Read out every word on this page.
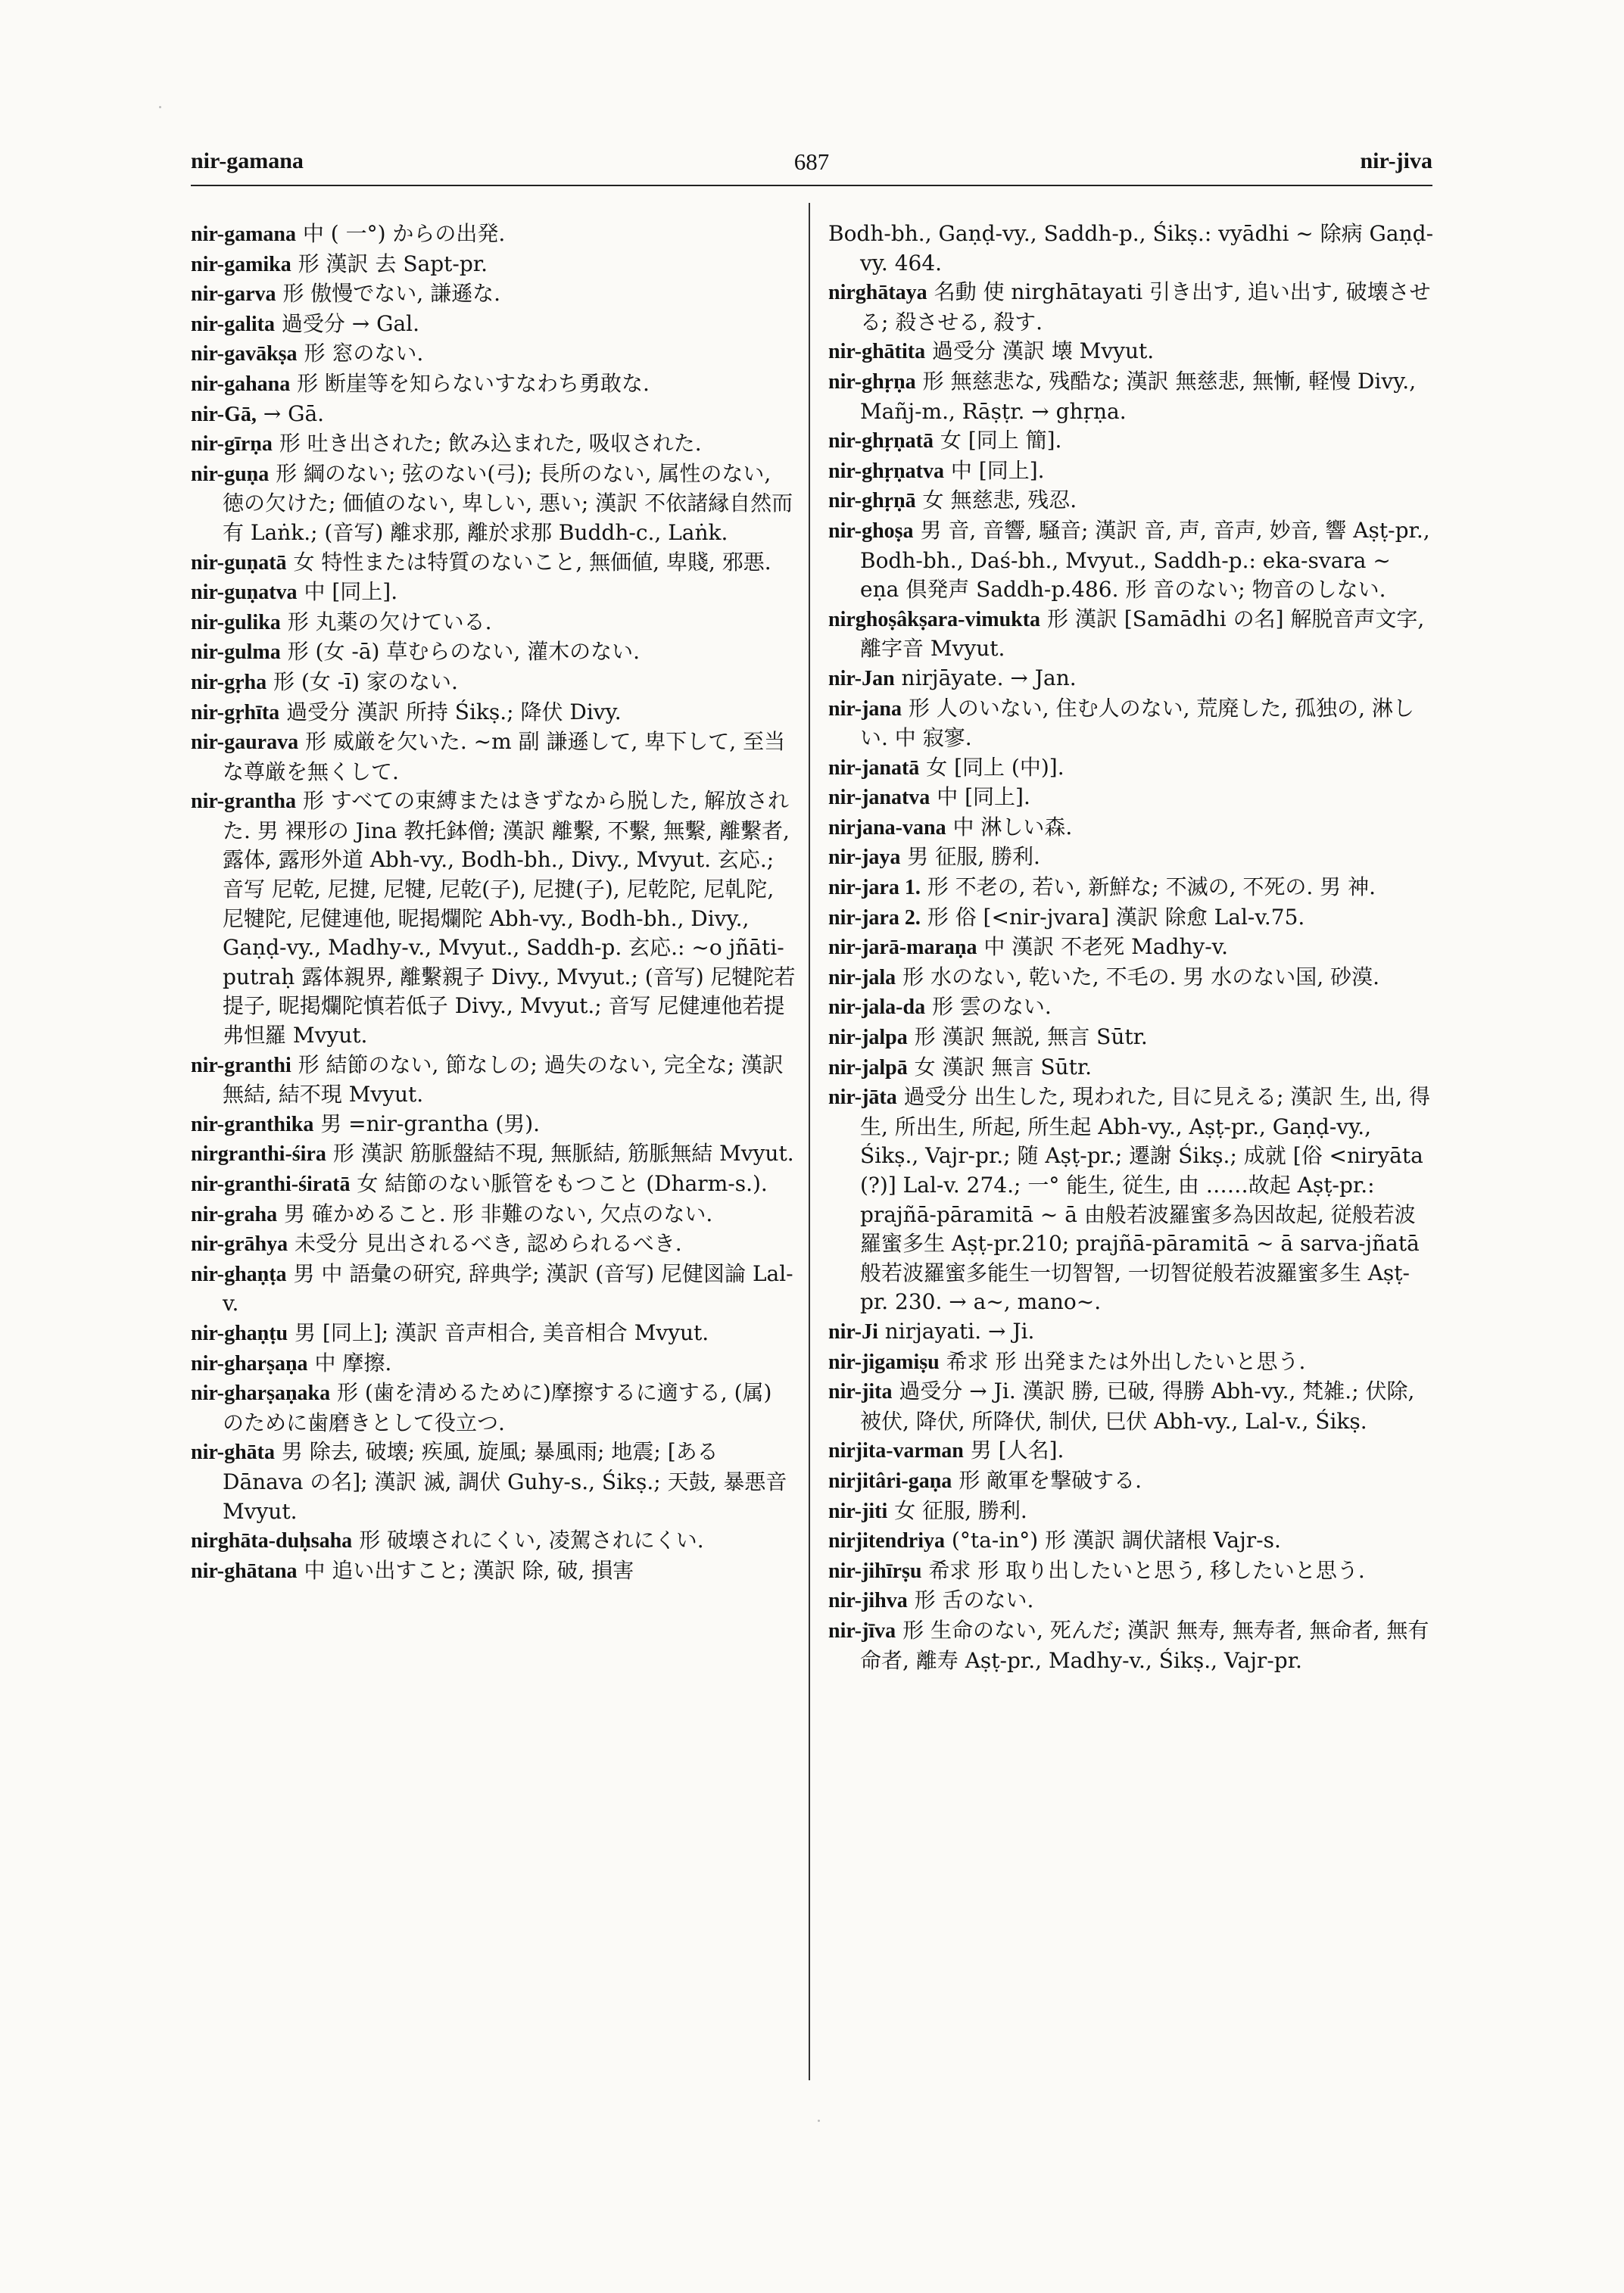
nir-gamana	687	nir-jiva

nir-gamana 中 ( 一°) からの出発.

nir-gamika 形 漢訳 去 Sapt-pr.

nir-garva 形 傲慢でない, 謙遜な.

nir-galita 過受分 → Gal.

nir-gavākṣa 形 窓のない.

nir-gahana 形 断崖等を知らないすなわち勇敢な.

nir-Gā, → Gā.

nir-gīrṇa 形 吐き出された; 飲み込まれた, 吸収された.

nir-guṇa 形 綱のない; 弦のない(弓); 長所のない, 属性のない, 徳の欠けた; 価値のない, 卑しい, 悪い; 漢訳 不依諸縁自然而有 Laṅk.; (音写) 離求那, 離於求那 Buddh-c., Laṅk.

nir-guṇatā 女 特性または特質のないこと, 無価値, 卑賤, 邪悪.

nir-guṇatva 中 [同上].

nir-gulika 形 丸薬の欠けている.

nir-gulma 形 (女 -ā) 草むらのない, 灌木のない.

nir-gṛha 形 (女 -ī) 家のない.

nir-gṛhīta 過受分 漢訳 所持 Śikṣ.; 降伏 Divy.

nir-gaurava 形 威厳を欠いた. ~m 副 謙遜して, 卑下して, 至当な尊厳を無くして.

nir-grantha 形 すべての束縛またはきずなから脱した, 解放された. 男 裸形の Jina 教托鉢僧; 漢訳 離繫, 不繫, 無繫, 離繫者, 露体, 露形外道 Abh-vy., Bodh-bh., Divy., Mvyut. 玄応.; 音写 尼乾, 尼揵, 尼犍, 尼乾(子), 尼揵(子), 尼乾陀, 尼乹陀, 尼犍陀, 尼健連他, 昵掲爛陀 Abh-vy., Bodh-bh., Divy., Gaṇḍ-vy., Madhy-v., Mvyut., Saddh-p. 玄応.: ~o jñāti-putraḥ 露体親界, 離繫親子 Divy., Mvyut.; (音写) 尼犍陀若提子, 昵掲爛陀慎若低子 Divy., Mvyut.; 音写 尼健連他若提弗怛羅 Mvyut.

nir-granthi 形 結節のない, 節なしの; 過失のない, 完全な; 漢訳 無結, 結不現 Mvyut.

nir-granthika 男 =nir-grantha (男).

nirgranthi-śira 形 漢訳 筋脈盤結不現, 無脈結, 筋脈無結 Mvyut.

nir-granthi-śiratā 女 結節のない脈管をもつこと (Dharm-s.).

nir-graha 男 確かめること. 形 非難のない, 欠点のない.

nir-grāhya 未受分 見出されるべき, 認められるべき.

nir-ghaṇṭa 男 中 語彙の研究, 辞典学; 漢訳 (音写) 尼健図論 Lal-v.

nir-ghaṇṭu 男 [同上]; 漢訳 音声相合, 美音相合 Mvyut.

nir-gharṣaṇa 中 摩擦.

nir-gharṣaṇaka 形 (歯を清めるために)摩擦するに適する, (属) のために歯磨きとして役立つ.

nir-ghāta 男 除去, 破壊; 疾風, 旋風; 暴風雨; 地震; [ある Dānava の名]; 漢訳 滅, 調伏 Guhy-s., Śikṣ.; 天鼓, 暴悪音 Mvyut.

nirghāta-duḥsaha 形 破壊されにくい, 凌駕されにくい.

nir-ghātana 中 追い出すこと; 漢訳 除, 破, 損害

Bodh-bh., Gaṇḍ-vy., Saddh-p., Śikṣ.: vyādhi ~ 除病 Gaṇḍ-vy. 464.

nirghātaya 名動 使 nirghātayati 引き出す, 追い出す, 破壊させる; 殺させる, 殺す.

nir-ghātita 過受分 漢訳 壊 Mvyut.

nir-ghṛṇa 形 無慈悲な, 残酷な; 漢訳 無慈悲, 無慚, 軽慢 Divy., Mañj-m., Rāṣṭr. → ghṛṇa.

nir-ghṛṇatā 女 [同上 簡].

nir-ghṛṇatva 中 [同上].

nir-ghṛṇā 女 無慈悲, 残忍.

nir-ghoṣa 男 音, 音響, 騒音; 漢訳 音, 声, 音声, 妙音, 響 Aṣṭ-pr., Bodh-bh., Daś-bh., Mvyut., Saddh-p.: eka-svara ~ eṇa 倶発声 Saddh-p.486. 形 音のない; 物音のしない.

nirghoṣâkṣara-vimukta 形 漢訳 [Samādhi の名] 解脱音声文字, 離字音 Mvyut.

nir-Jan nirjāyate. → Jan.

nir-jana 形 人のいない, 住む人のない, 荒廃した, 孤独の, 淋しい. 中 寂寥.

nir-janatā 女 [同上 (中)].

nir-janatva 中 [同上].

nirjana-vana 中 淋しい森.

nir-jaya 男 征服, 勝利.

nir-jara 1. 形 不老の, 若い, 新鮮な; 不滅の, 不死の. 男 神.

nir-jara 2. 形 俗 [<nir-jvara] 漢訳 除愈 Lal-v.75.

nir-jarā-maraṇa 中 漢訳 不老死 Madhy-v.

nir-jala 形 水のない, 乾いた, 不毛の. 男 水のない国, 砂漠.

nir-jala-da 形 雲のない.

nir-jalpa 形 漢訳 無説, 無言 Sūtr.

nir-jalpā 女 漢訳 無言 Sūtr.

nir-jāta 過受分 出生した, 現われた, 目に見える; 漢訳 生, 出, 得生, 所出生, 所起, 所生起 Abh-vy., Aṣṭ-pr., Gaṇḍ-vy., Śikṣ., Vajr-pr.; 随 Aṣṭ-pr.; 遷謝 Śikṣ.; 成就 [俗 <niryāta (?)] Lal-v. 274.; 一° 能生, 従生, 由 ……故起 Aṣṭ-pr.: prajñā-pāramitā ~ ā 由般若波羅蜜多為因故起, 従般若波羅蜜多生 Aṣṭ-pr.210; prajñā-pāramitā ~ ā sarva-jñatā 般若波羅蜜多能生一切智智, 一切智従般若波羅蜜多生 Aṣṭ-pr. 230. → a~, mano~.

nir-Ji nirjayati. → Ji.

nir-jigamiṣu 希求 形 出発または外出したいと思う.

nir-jita 過受分 → Ji. 漢訳 勝, 已破, 得勝 Abh-vy., 梵雑.; 伏除, 被伏, 降伏, 所降伏, 制伏, 巳伏 Abh-vy., Lal-v., Śikṣ.

nirjita-varman 男 [人名].

nirjitâri-gaṇa 形 敵軍を撃破する.

nir-jiti 女 征服, 勝利.

nirjitendriya (°ta-in°) 形 漢訳 調伏諸根 Vajr-s.

nir-jihīrṣu 希求 形 取り出したいと思う, 移したいと思う.

nir-jihva 形 舌のない.

nir-jīva 形 生命のない, 死んだ; 漢訳 無寿, 無寿者, 無命者, 無有命者, 離寿 Aṣṭ-pr., Madhy-v., Śikṣ., Vajr-pr.
